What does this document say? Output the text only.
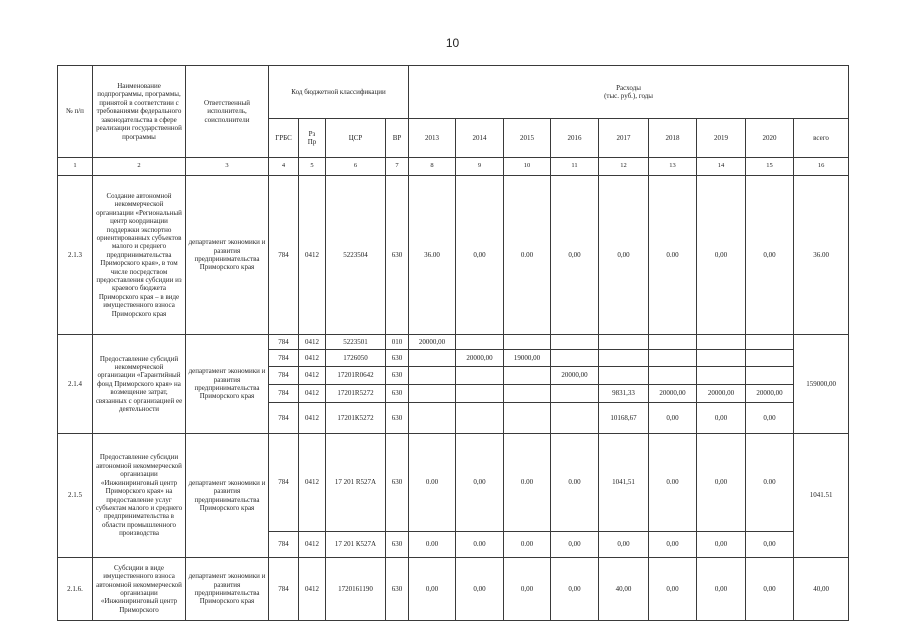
10
№ п/п	Наименование подпрограммы, программы, принятой в соответствии с требованиями федерального законодательства в сфере реализации государственной программы	Ответственный исполнитель, соисполнители	Код бюджетной классификации				Расходы
(тыс. руб.), годы								

			ГРБС	Рз Пр	ЦСР	ВР	2013	2014	2015	2016	2017	2018	2019	2020	всего
1	2	3	4	5	6	7	8	9	10	11	12	13	14	15	16
2.1.3	Создание автономной некоммерческой организации «Региональный центр координации поддержки экспортно ориентированных субъектов малого и среднего предпринимательства Приморского края», в том числе посредством предоставления субсидии из краевого бюджета Приморского края – в виде имущественного взноса Приморского края	департамент экономики и развития предпринимательства Приморского края	784	0412	5223504	630	36.00	0,00	0.00	0,00	0,00	0.00	0,00	0,00	36.00
2.1.4	Предоставление субсидий некоммерческой организации «Гарантийный фонд Приморского края» на возмещение затрат, связанных с организацией ее деятельности	департамент экономики и развития предпринимательства Приморского края	784	0412	5223501	010	20000,00								159000,00
			784	0412	1726050	630		20000,00	19000,00						
			784	0412	17201R0642	630				20000,00					
			784	0412	17201R5272	630					9831,33	20000,00	20000,00	20000,00	
			784	0412	17201К5272	630					10168,67	0,00	0,00	0,00	
2.1.5	Предоставление субсидии автономной некоммерческой организации «Инжиниринговый центр Приморского края» на предоставление услуг субъектам малого и среднего предпринимательства в области промышленного производства	департамент экономики и развития предпринимательства Приморского края	784	0412	17 201 R527A	630	0.00	0,00	0.00	0.00	1041,51	0.00	0,00	0.00	1041.51
			784	0412	17 201 К527А	630	0.00	0.00	0.00	0,00	0,00	0,00	0,00	0,00	
2.1.6.	Субсидии в виде имущественного взноса автономной некоммерческой организации «Инжиниринговый центр Приморского	департамент экономики и развития предпринимательства Приморского края	784	0412	1720161190	630	0,00	0,00	0,00	0,00	40,00	0,00	0,00	0,00	40,00
